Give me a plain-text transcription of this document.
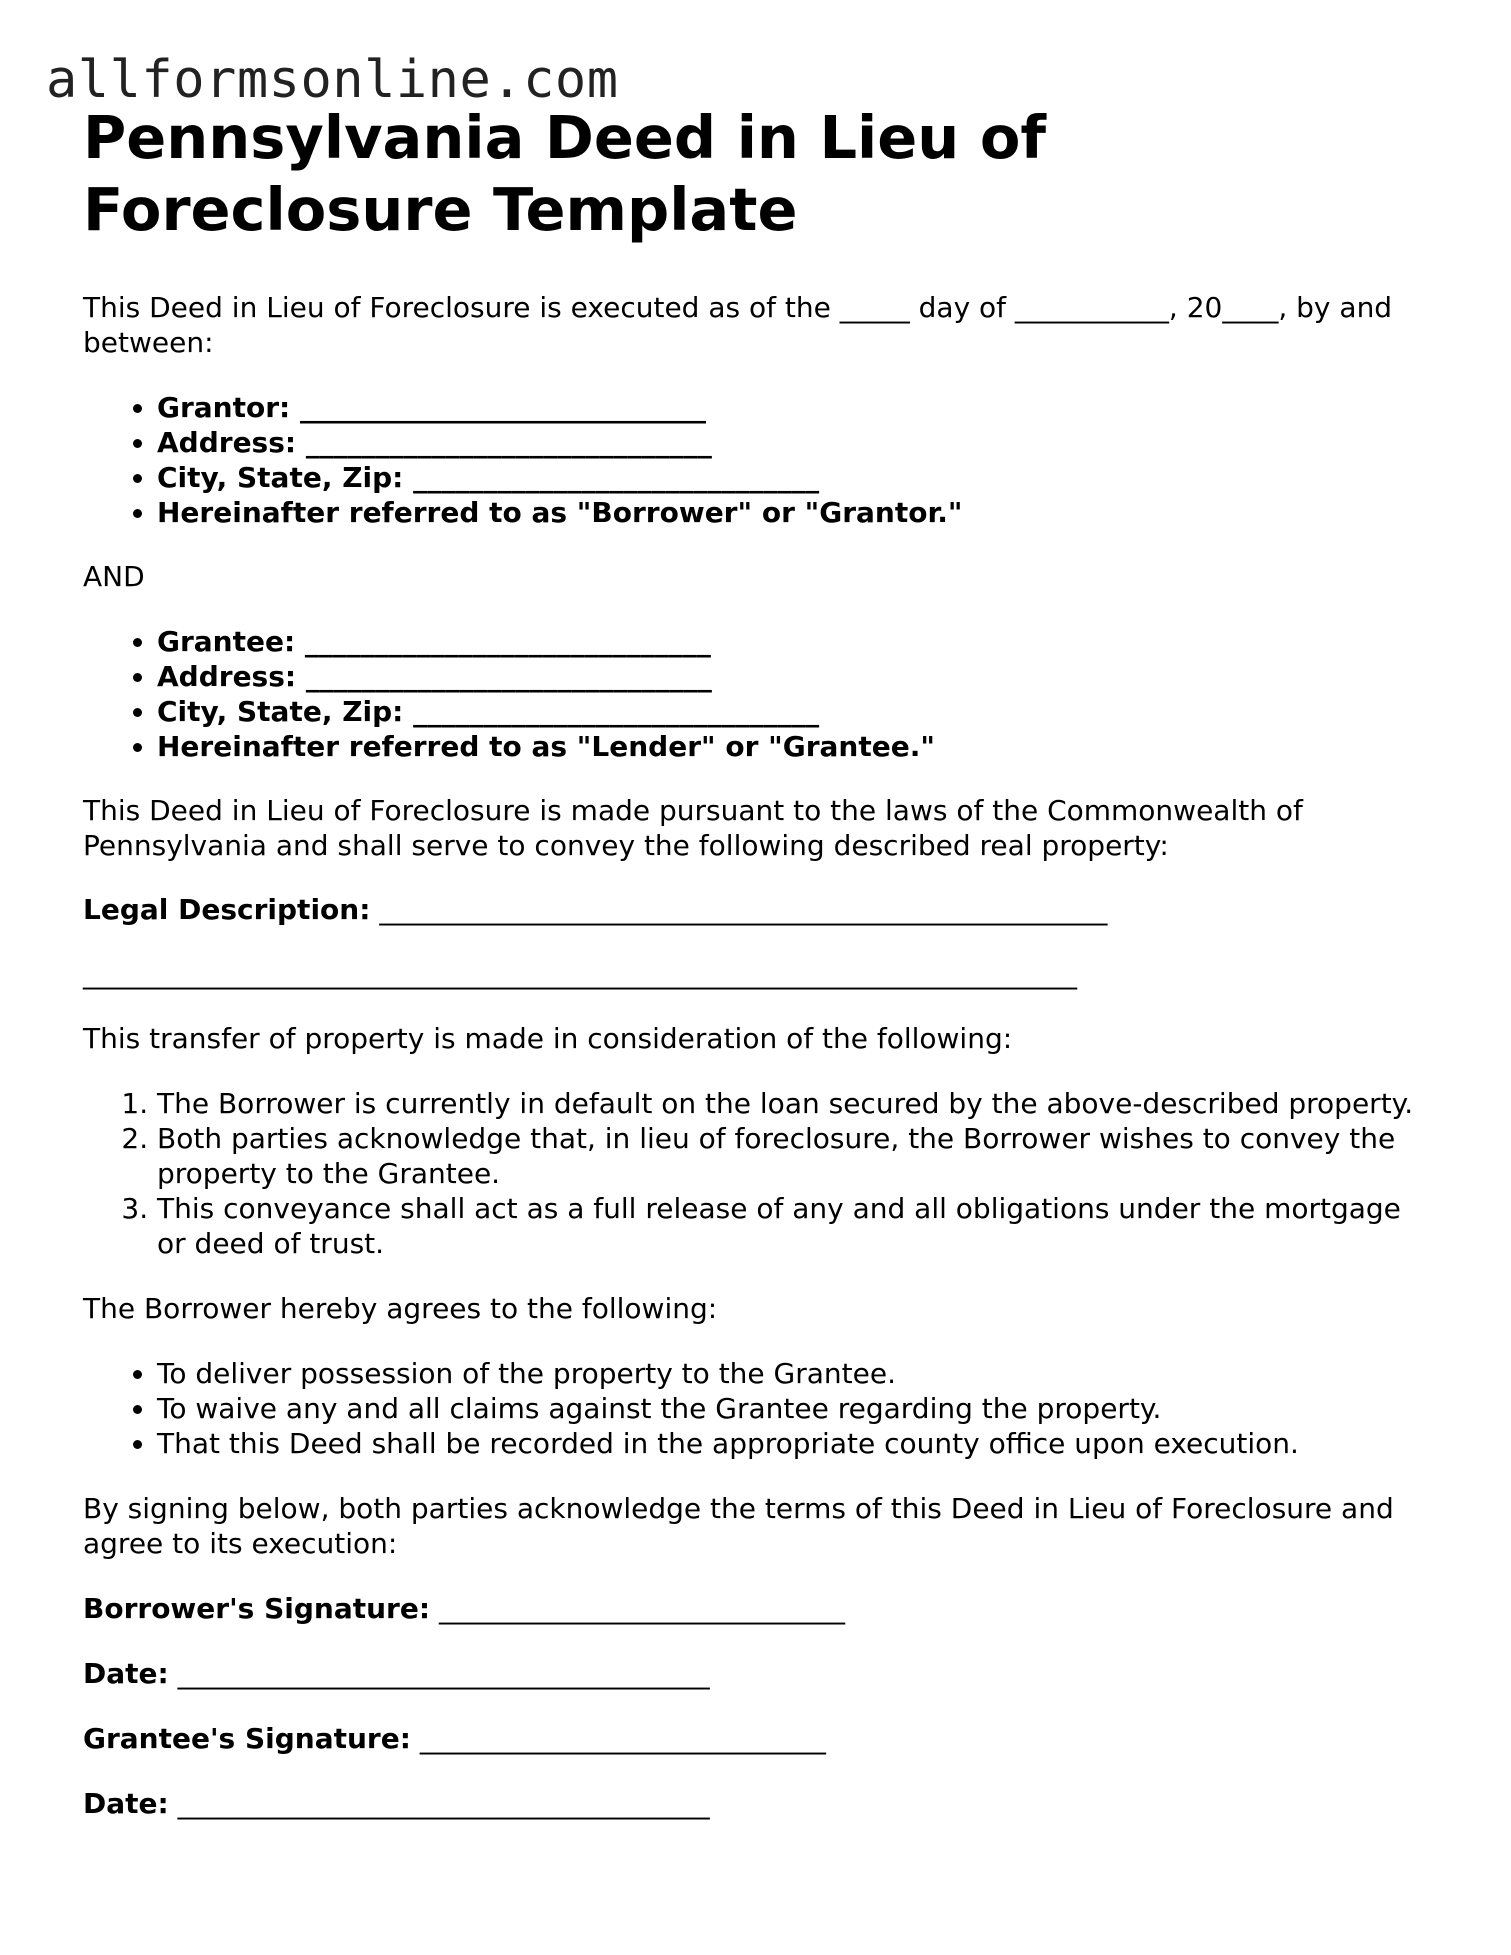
allformsonline.com
Pennsylvania Deed in Lieu of Foreclosure Template

This Deed in Lieu of Foreclosure is executed as of the _____ day of ___________, 20____, by and between:

• Grantor: _____________________________
• Address: _____________________________
• City, State, Zip: _____________________________
• Hereinafter referred to as "Borrower" or "Grantor."

AND

• Grantee: _____________________________
• Address: _____________________________
• City, State, Zip: _____________________________
• Hereinafter referred to as "Lender" or "Grantee."

This Deed in Lieu of Foreclosure is made pursuant to the laws of the Commonwealth of Pennsylvania and shall serve to convey the following described real property:

Legal Description: ____________________________________________________

_______________________________________________________________________

This transfer of property is made in consideration of the following:

1. The Borrower is currently in default on the loan secured by the above-described property.
2. Both parties acknowledge that, in lieu of foreclosure, the Borrower wishes to convey the property to the Grantee.
3. This conveyance shall act as a full release of any and all obligations under the mortgage or deed of trust.

The Borrower hereby agrees to the following:

• To deliver possession of the property to the Grantee.
• To waive any and all claims against the Grantee regarding the property.
• That this Deed shall be recorded in the appropriate county office upon execution.

By signing below, both parties acknowledge the terms of this Deed in Lieu of Foreclosure and agree to its execution:

Borrower's Signature: _____________________________

Date: ______________________________________

Grantee's Signature: _____________________________

Date: ______________________________________
